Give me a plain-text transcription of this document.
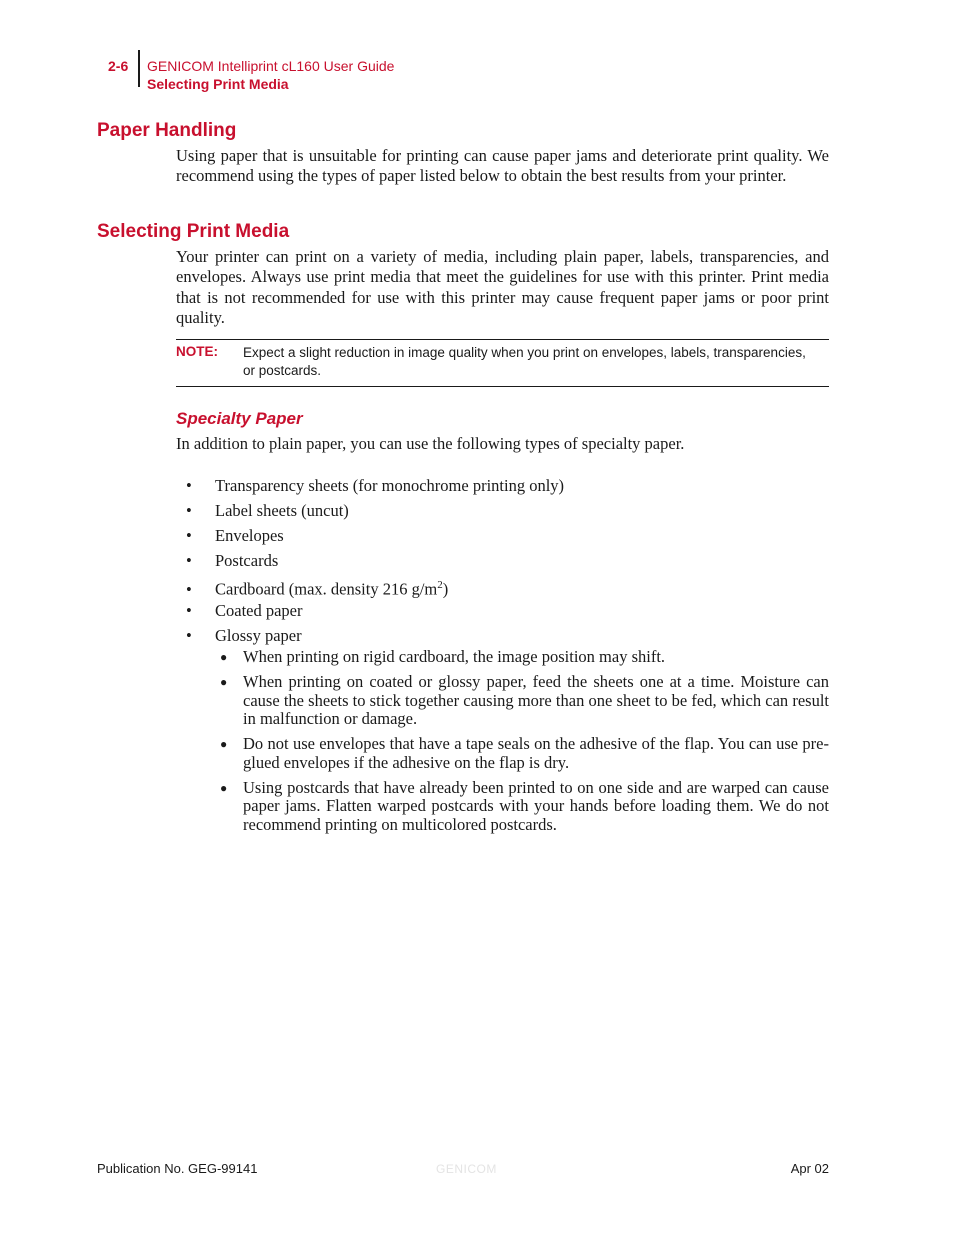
2-6 GENICOM Intelliprint cL160 User Guide
Selecting Print Media
Paper Handling

Using paper that is unsuitable for printing can cause paper jams and deteriorate print quality. We recommend using the types of paper listed below to obtain the best results from your printer.

Selecting Print Media

Your printer can print on a variety of media, including plain paper, labels, transparencies, and envelopes. Always use print media that meet the guidelines for use with this printer. Print media that is not recommended for use with this printer may cause frequent paper jams or poor print quality.

NOTE: Expect a slight reduction in image quality when you print on envelopes, labels, transparencies, or postcards.

Specialty Paper

In addition to plain paper, you can use the following types of specialty paper.

• Transparency sheets (for monochrome printing only)
• Label sheets (uncut)
• Envelopes
• Postcards
• Cardboard (max. density 216 $g/m^2$)
• Coated paper
• Glossy paper
● When printing on rigid cardboard, the image position may shift.
● When printing on coated or glossy paper, feed the sheets one at a time. Moisture can cause the sheets to stick together causing more than one sheet to be fed, which can result in malfunction or damage.
● Do not use envelopes that have a tape seals on the adhesive of the flap. You can use pre-glued envelopes if the adhesive on the flap is dry.
● Using postcards that have already been printed to on one side and are warped can cause paper jams. Flatten warped postcards with your hands before loading them. We do not recommend printing on multicolored postcards.
Publication No. GEG-99141	GENICOM	Apr 02
